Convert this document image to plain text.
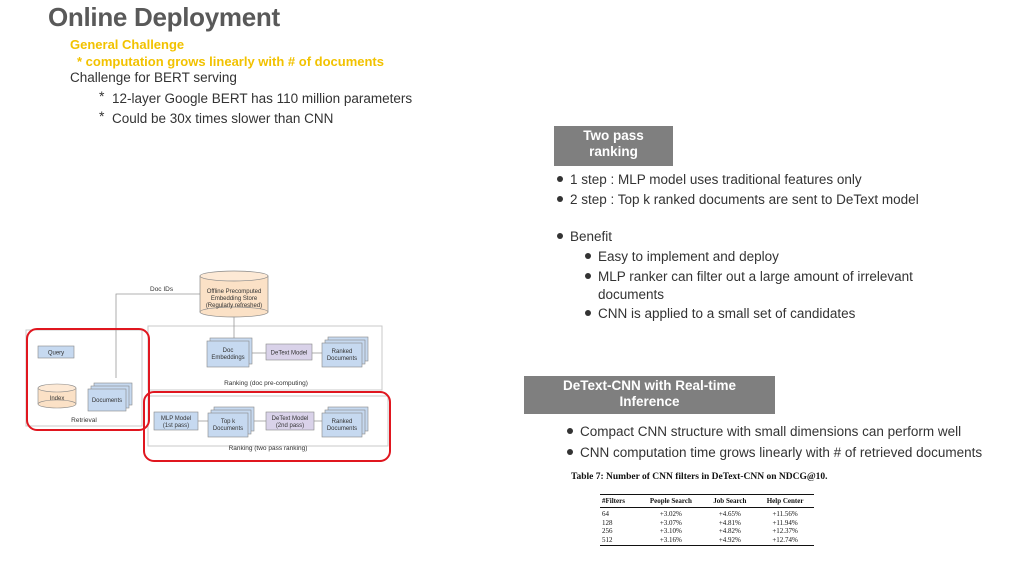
Online Deployment
General Challenge
* computation grows linearly with # of documents
Challenge for BERT serving
* 12-layer Google BERT has 110 million parameters
* Could be 30x times slower than CNN
Doc IDs	Offline Precomputed
Embedding Store
(Regularly refreshed)
Query
Index	Documents
Retrieval
Doc
Embeddings
DeText Model	Ranked
Documents
Ranking (doc pre-computing)
MLP Model
(1st pass)
Top k
Documents
DeText Model
(2nd pass)
Ranked
Documents
Ranking (two pass ranking)
Two pass
ranking
1 step : MLP model uses traditional features only
2 step : Top k ranked documents are sent to DeText model
Benefit
Easy to implement and deploy
MLP ranker can filter out a large amount of irrelevant
documents
CNN is applied to a small set of candidates
DeText-CNN with Real-time
Inference
Compact CNN structure with small dimensions can perform well
CNN computation time grows linearly with # of retrieved documents
Table 7: Number of CNN filters in DeText-CNN on NDCG@10.
#Filters	People Search	Job Search	Help Center
64	+3.02%	+4.65%	+11.56%
128	+3.07%	+4.81%	+11.94%
256	+3.10%	+4.82%	+12.37%
512	+3.16%	+4.92%	+12.74%
